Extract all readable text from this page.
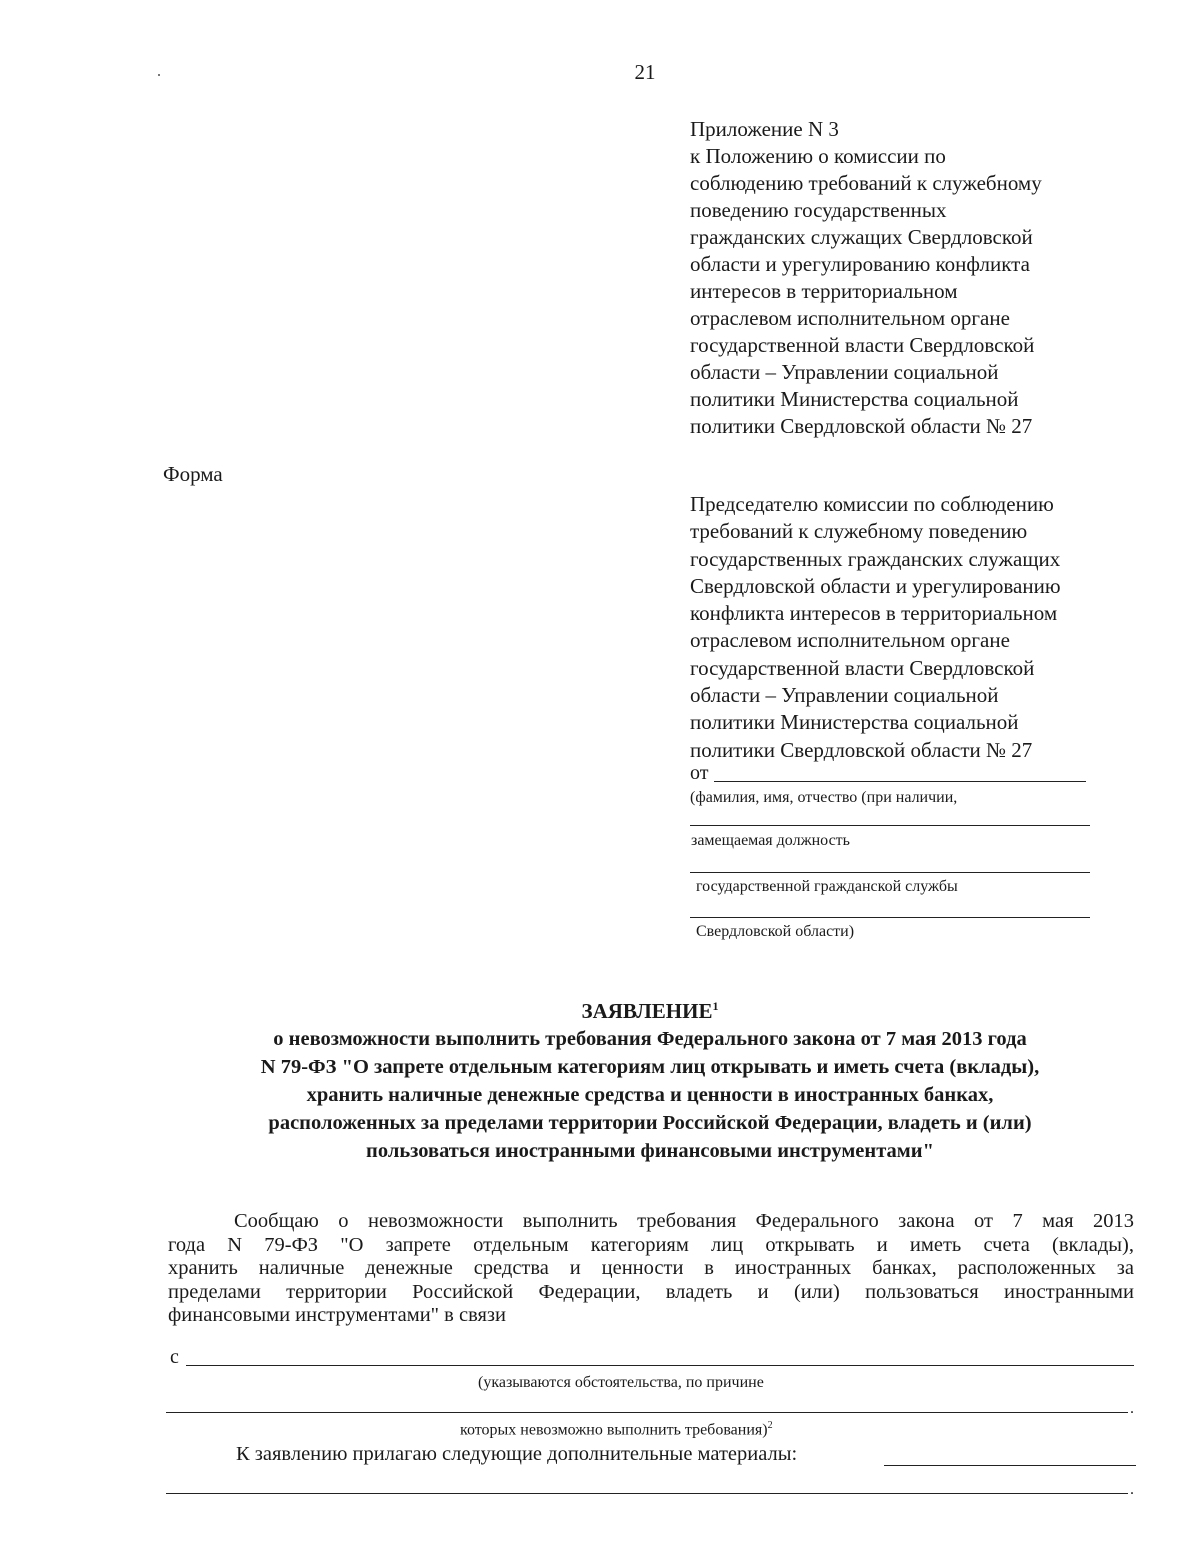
21
Приложение N 3
к Положению о комиссии по
соблюдению требований к служебному
поведению государственных
гражданских служащих Свердловской
области и урегулированию конфликта
интересов в территориальном
отраслевом исполнительном органе
государственной власти Свердловской
области – Управлении социальной
политики Министерства социальной
политики Свердловской области № 27
Форма
Председателю комиссии по соблюдению
требований к служебному поведению
государственных гражданских служащих
Свердловской области и урегулированию
конфликта интересов в территориальном
отраслевом исполнительном органе
государственной власти Свердловской
области – Управлении социальной
политики Министерства социальной
политики Свердловской области № 27
от
(фамилия, имя, отчество (при наличии,
замещаемая должность
государственной гражданской службы
Свердловской области)
ЗАЯВЛЕНИЕ$^1$
о невозможности выполнить требования Федерального закона от 7 мая 2013 года
N 79-ФЗ "О запрете отдельным категориям лиц открывать и иметь счета (вклады),
хранить наличные денежные средства и ценности в иностранных банках,
расположенных за пределами территории Российской Федерации, владеть и (или)
пользоваться иностранными финансовыми инструментами"
Сообщаю о невозможности выполнить требования Федерального закона от 7 мая 2013
года N 79-ФЗ "О запрете отдельным категориям лиц открывать и иметь счета (вклады),
хранить наличные денежные средства и ценности в иностранных банках, расположенных за
пределами территории Российской Федерации, владеть и (или) пользоваться иностранными
финансовыми инструментами" в связи
с
(указываются обстоятельства, по причине
.
которых невозможно выполнить требования)$^2$
К заявлению прилагаю следующие дополнительные материалы:
.
